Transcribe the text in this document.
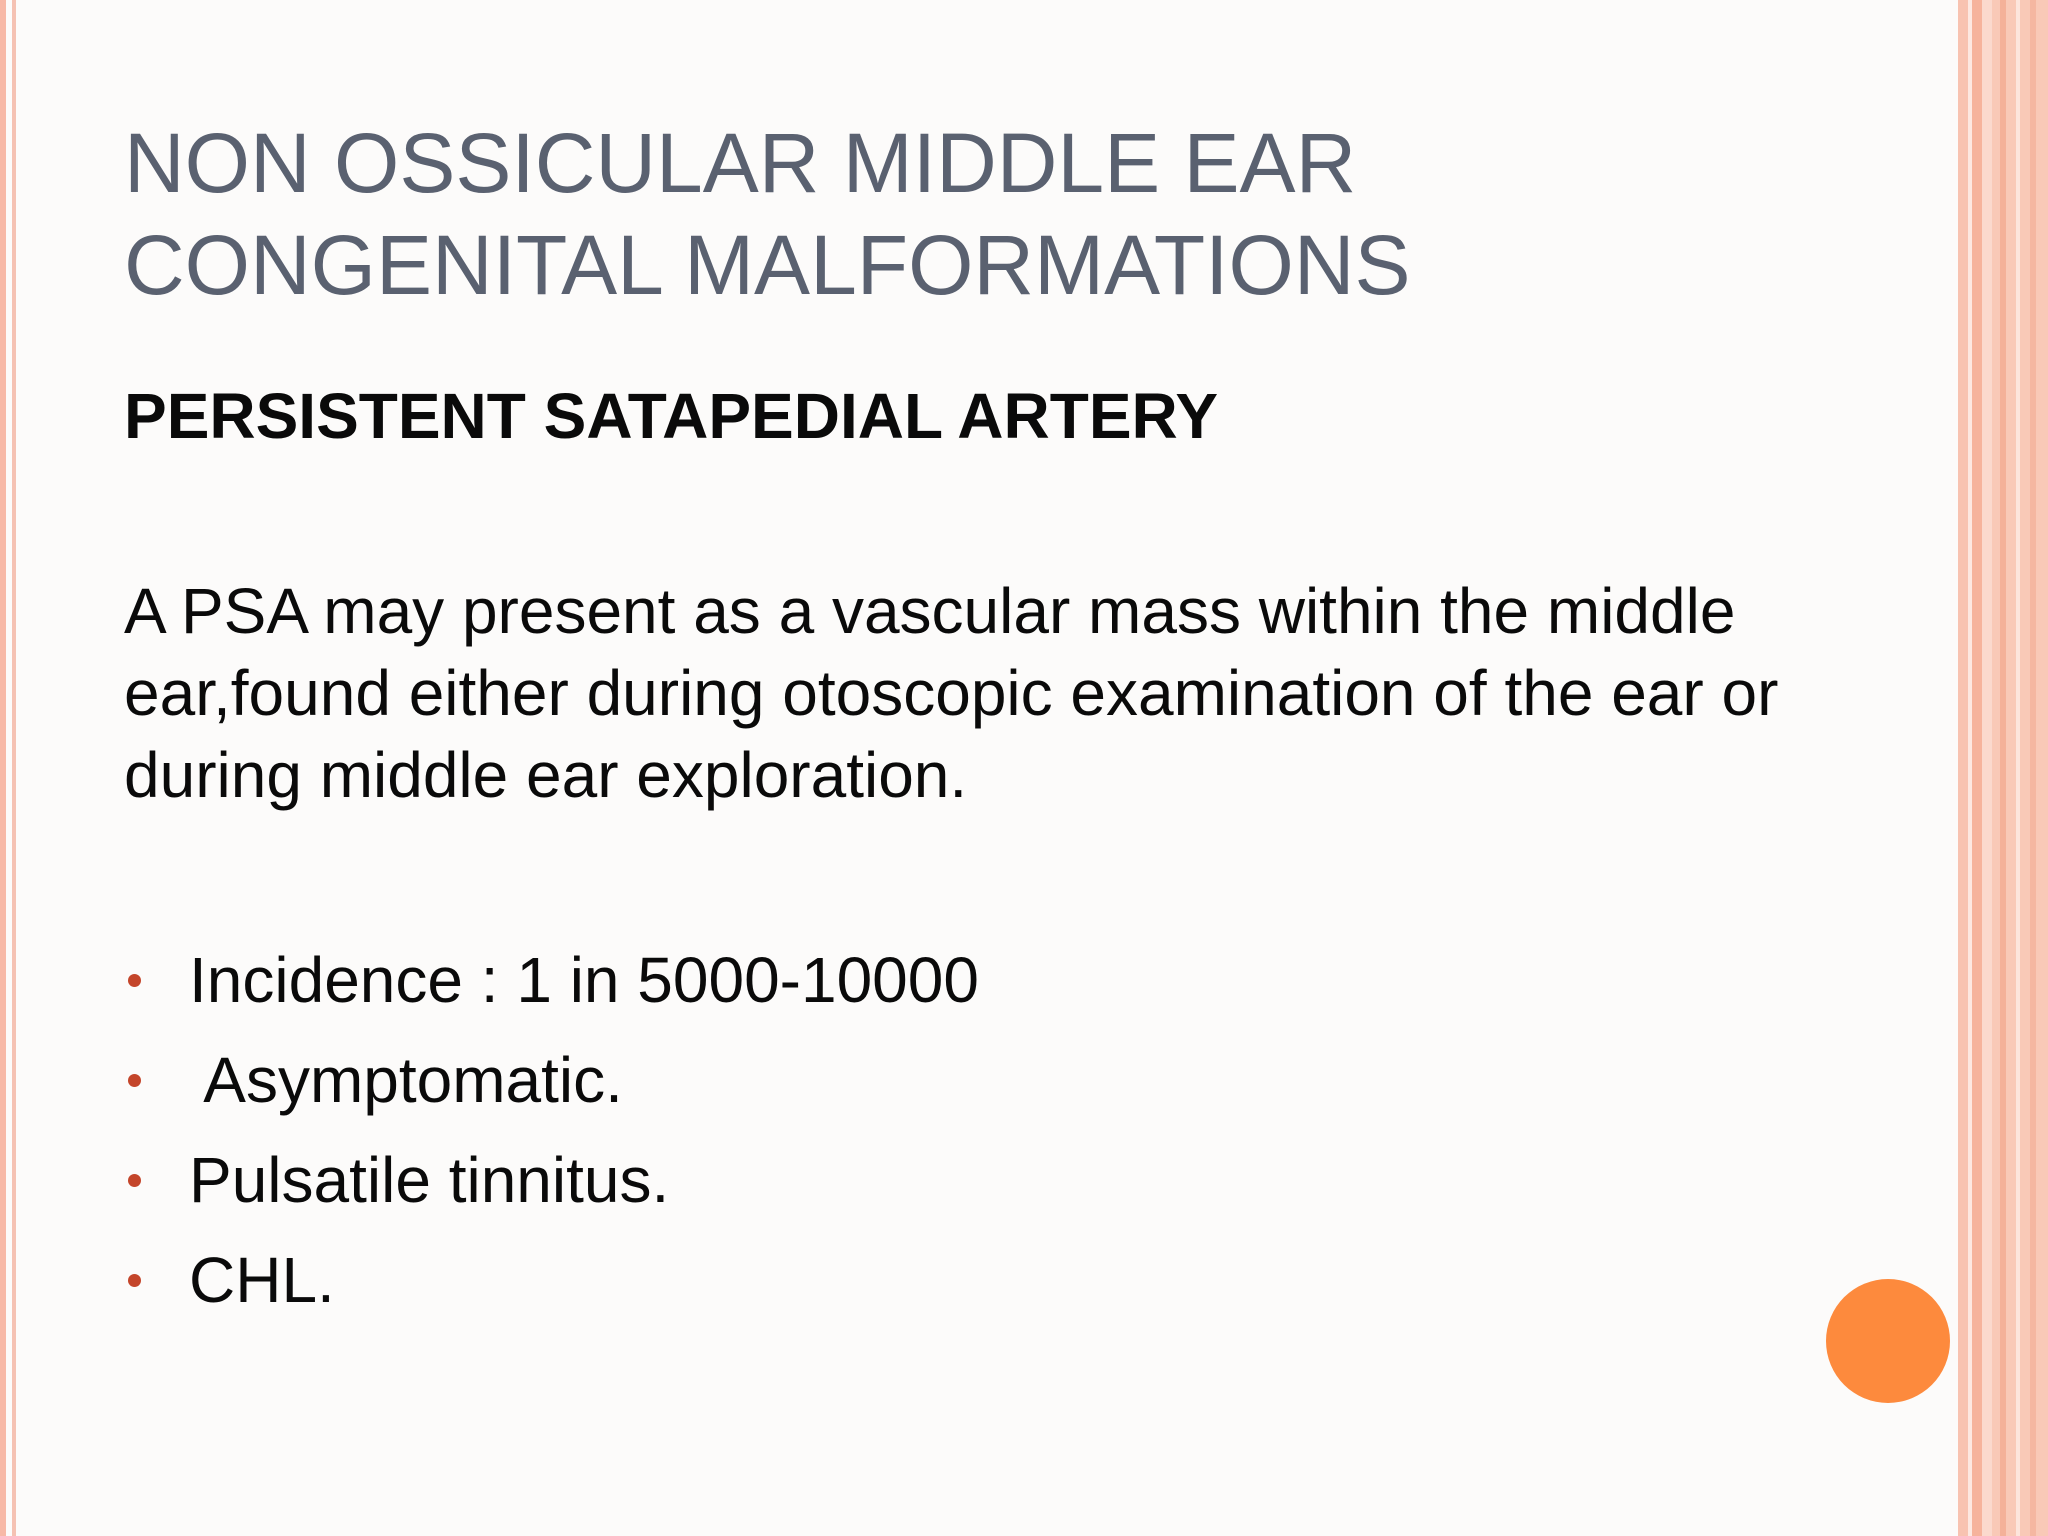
NON OSSICULAR MIDDLE EAR
CONGENITAL MALFORMATIONS
PERSISTENT SATAPEDIAL ARTERY

A PSA may present as a vascular mass within the middle ear,found either during otoscopic examination of the ear or during middle ear exploration.

Incidence : 1 in 5000-10000
Asymptomatic.
Pulsatile tinnitus.
CHL.
